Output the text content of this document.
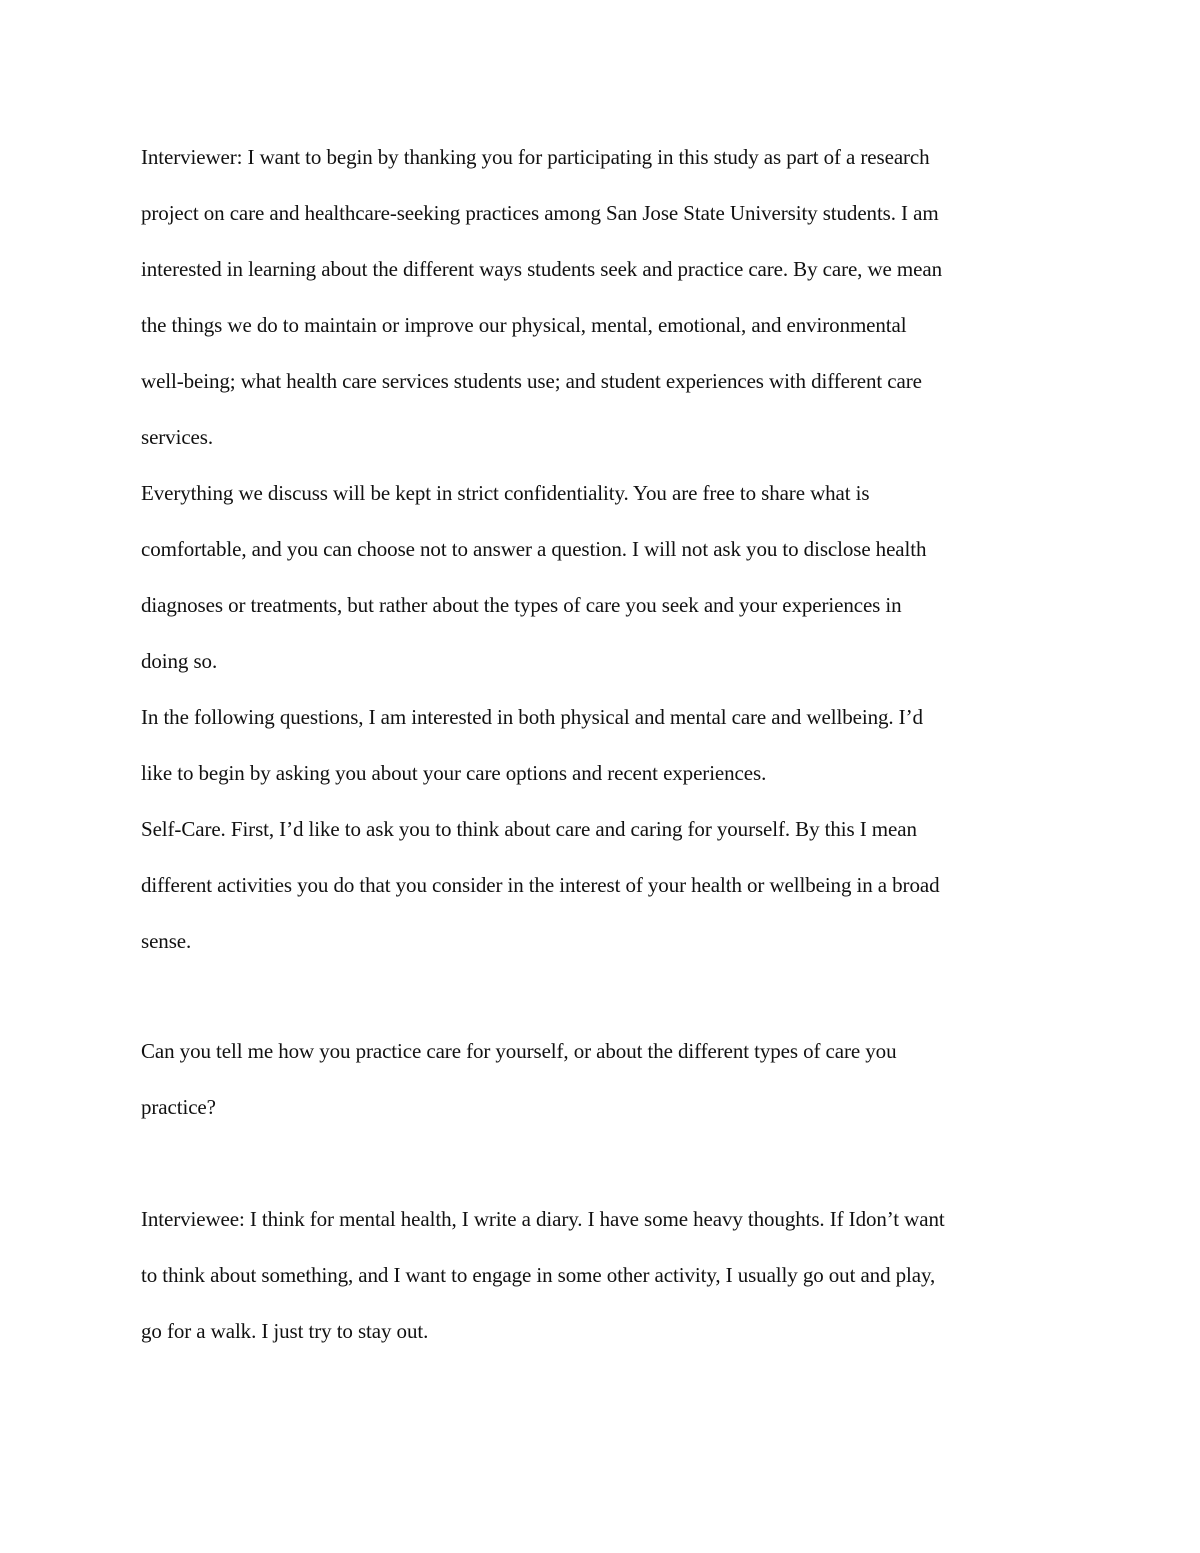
Interviewer: I want to begin by thanking you for participating in this study as part of a research
project on care and healthcare-seeking practices among San Jose State University students. I am
interested in learning about the different ways students seek and practice care. By care, we mean
the things we do to maintain or improve our physical, mental, emotional, and environmental
well-being; what health care services students use; and student experiences with different care
services.
Everything we discuss will be kept in strict confidentiality. You are free to share what is
comfortable, and you can choose not to answer a question. I will not ask you to disclose health
diagnoses or treatments, but rather about the types of care you seek and your experiences in
doing so.
In the following questions, I am interested in both physical and mental care and wellbeing. I’d
like to begin by asking you about your care options and recent experiences.
Self-Care. First, I’d like to ask you to think about care and caring for yourself. By this I mean
different activities you do that you consider in the interest of your health or wellbeing in a broad
sense.
Can you tell me how you practice care for yourself, or about the different types of care you
practice?
Interviewee: I think for mental health, I write a diary. I have some heavy thoughts. If Idon’t want
to think about something, and I want to engage in some other activity, I usually go out and play,
go for a walk. I just try to stay out.
